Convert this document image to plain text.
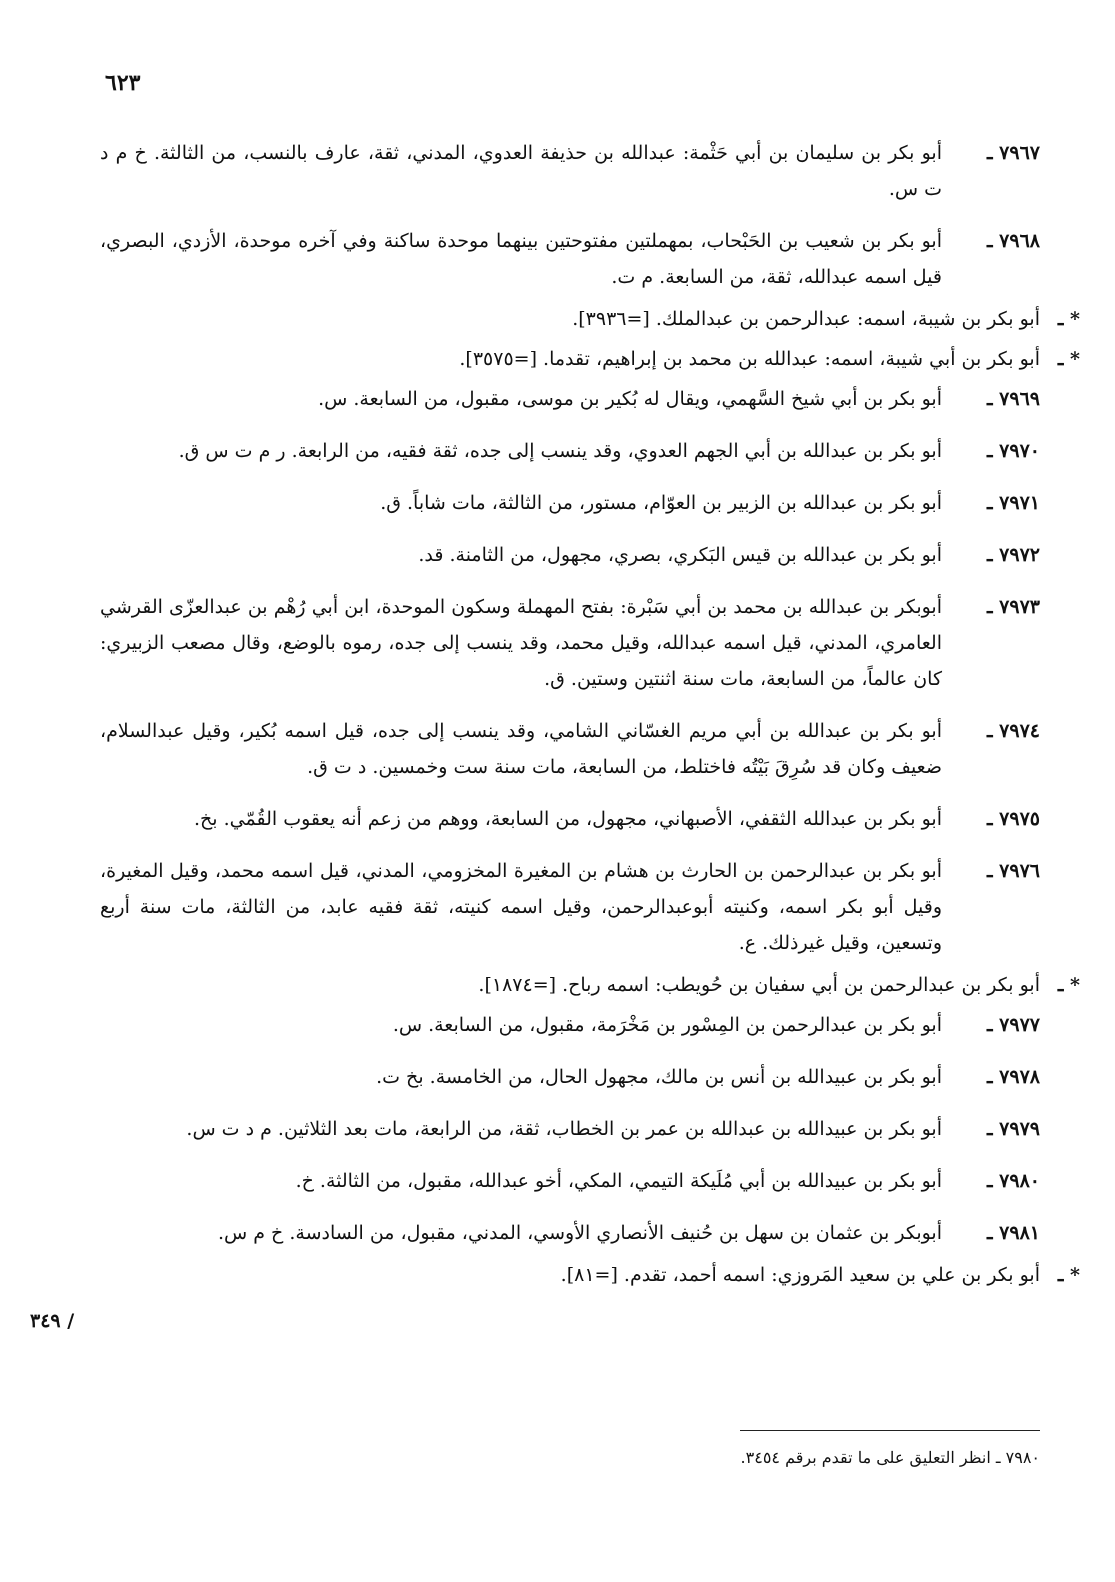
٦٢٣
٣٤٩ /
٧٩٦٧ ـ
أبو بكر بن سليمان بن أبي حَثْمة: عبدالله بن حذيفة العدوي، المدني، ثقة، عارف بالنسب، من الثالثة. خ م د ت س.
٧٩٦٨ ـ
أبو بكر بن شعيب بن الحَبْحاب، بمهملتين مفتوحتين بينهما موحدة ساكنة وفي آخره موحدة، الأزدي، البصري، قيل اسمه عبدالله، ثقة، من السابعة. م ت.
* ـ
أبو بكر بن شيبة، اسمه: عبدالرحمن بن عبدالملك. [=٣٩٣٦].
* ـ
أبو بكر بن أبي شيبة، اسمه: عبدالله بن محمد بن إبراهيم، تقدما. [=٣٥٧٥].
٧٩٦٩ ـ
أبو بكر بن أبي شيخ السَّهمي، ويقال له بُكير بن موسى، مقبول، من السابعة. س.
٧٩٧٠ ـ
أبو بكر بن عبدالله بن أبي الجهم العدوي، وقد ينسب إلى جده، ثقة فقيه، من الرابعة. ر م ت س ق.
٧٩٧١ ـ
أبو بكر بن عبدالله بن الزبير بن العوّام، مستور، من الثالثة، مات شاباً. ق.
٧٩٧٢ ـ
أبو بكر بن عبدالله بن قيس البَكري، بصري، مجهول، من الثامنة. قد.
٧٩٧٣ ـ
أبوبكر بن عبدالله بن محمد بن أبي سَبْرة: بفتح المهملة وسكون الموحدة، ابن أبي رُهْم بن عبدالعزّى القرشي العامري، المدني، قيل اسمه عبدالله، وقيل محمد، وقد ينسب إلى جده، رموه بالوضع، وقال مصعب الزبيري: كان عالماً، من السابعة، مات سنة اثنتين وستين. ق.
٧٩٧٤ ـ
أبو بكر بن عبدالله بن أبي مريم الغسّاني الشامي، وقد ينسب إلى جده، قيل اسمه بُكير، وقيل عبدالسلام، ضعيف وكان قد سُرِقَ بَيْتُه فاختلط، من السابعة، مات سنة ست وخمسين. د ت ق.
٧٩٧٥ ـ
أبو بكر بن عبدالله الثقفي، الأصبهاني، مجهول، من السابعة، ووهم من زعم أنه يعقوب القُمّي. بخ.
٧٩٧٦ ـ
أبو بكر بن عبدالرحمن بن الحارث بن هشام بن المغيرة المخزومي، المدني، قيل اسمه محمد، وقيل المغيرة، وقيل أبو بكر اسمه، وكنيته أبوعبدالرحمن، وقيل اسمه كنيته، ثقة فقيه عابد، من الثالثة، مات سنة أربع وتسعين، وقيل غيرذلك. ع.
* ـ
أبو بكر بن عبدالرحمن بن أبي سفيان بن حُويطب: اسمه رباح. [=١٨٧٤].
٧٩٧٧ ـ
أبو بكر بن عبدالرحمن بن المِسْور بن مَخْرَمة، مقبول، من السابعة. س.
٧٩٧٨ ـ
أبو بكر بن عبيدالله بن أنس بن مالك، مجهول الحال، من الخامسة. بخ ت.
٧٩٧٩ ـ
أبو بكر بن عبيدالله بن عبدالله بن عمر بن الخطاب، ثقة، من الرابعة، مات بعد الثلاثين. م د ت س.
٧٩٨٠ ـ
أبو بكر بن عبيدالله بن أبي مُلَيكة التيمي، المكي، أخو عبدالله، مقبول، من الثالثة. خ.
٧٩٨١ ـ
أبوبكر بن عثمان بن سهل بن حُنيف الأنصاري الأوسي، المدني، مقبول، من السادسة. خ م س.
* ـ
أبو بكر بن علي بن سعيد المَروزي: اسمه أحمد، تقدم. [=٨١].
٧٩٨٠ ـ انظر التعليق على ما تقدم برقم ٣٤٥٤.
